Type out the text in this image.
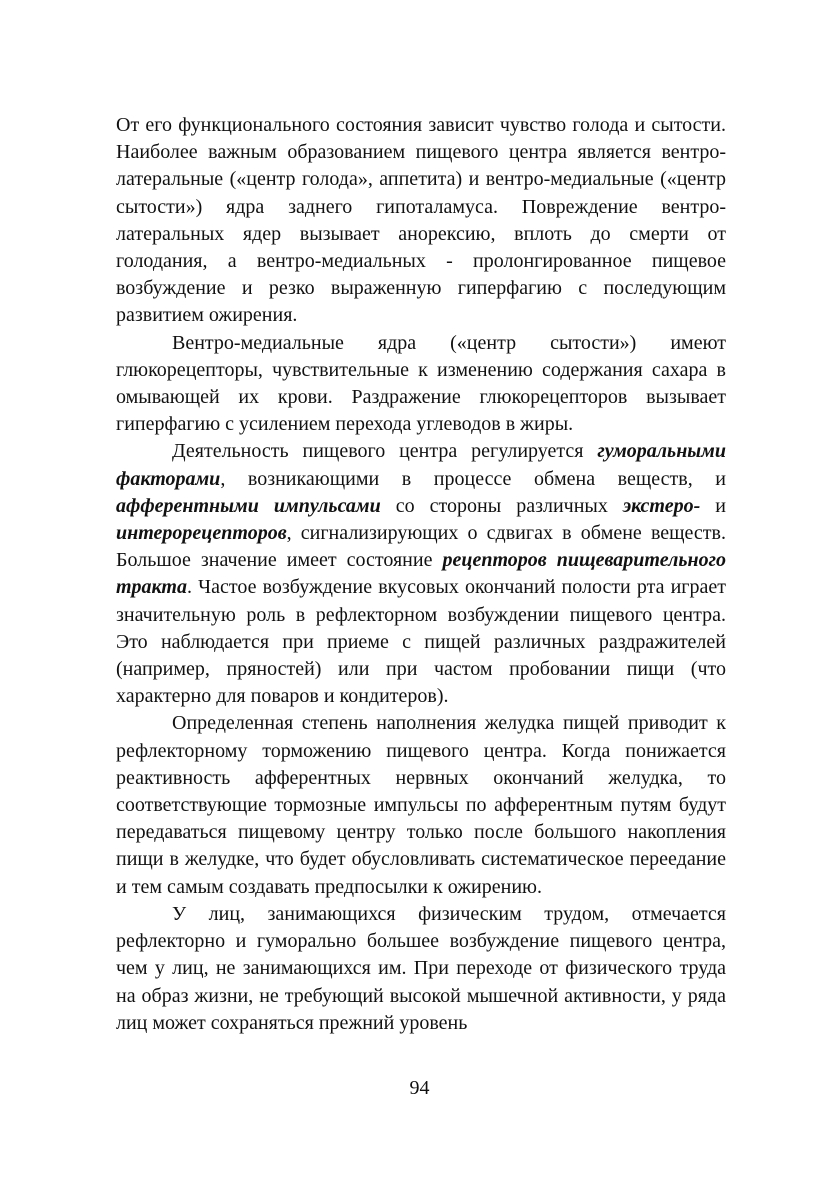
От его функционального состояния зависит чувство голода и сытости. Наиболее важным образованием пищевого центра является вентро-латеральные («центр голода», аппетита) и вентро-медиальные («центр сытости») ядра заднего гипоталамуса. Повреждение вентро-латеральных ядер вызывает анорексию, вплоть до смерти от голодания, а вентро-медиальных - пролонгированное пищевое возбуждение и резко выраженную гиперфагию с последующим развитием ожирения.

Вентро-медиальные ядра («центр сытости») имеют глюкорецепторы, чувствительные к изменению содержания сахара в омывающей их крови. Раздражение глюкорецепторов вызывает гиперфагию с усилением перехода углеводов в жиры.

Деятельность пищевого центра регулируется гуморальными факторами, возникающими в процессе обмена веществ, и афферентными импульсами со стороны различных экстеро- и интерорецепторов, сигнализирующих о сдвигах в обмене веществ. Большое значение имеет состояние рецепторов пищеварительного тракта. Частое возбуждение вкусовых окончаний полости рта играет значительную роль в рефлекторном возбуждении пищевого центра. Это наблюдается при приеме с пищей различных раздражителей (например, пряностей) или при частом пробовании пищи (что характерно для поваров и кондитеров).

Определенная степень наполнения желудка пищей приводит к рефлекторному торможению пищевого центра. Когда понижается реактивность афферентных нервных окончаний желудка, то соответствующие тормозные импульсы по афферентным путям будут передаваться пищевому центру только после большого накопления пищи в желудке, что будет обусловливать систематическое переедание и тем самым создавать предпосылки к ожирению.

У лиц, занимающихся физическим трудом, отмечается рефлекторно и гуморально большее возбуждение пищевого центра, чем у лиц, не занимающихся им. При переходе от физического труда на образ жизни, не требующий высокой мышечной активности, у ряда лиц может сохраняться прежний уровень

94
